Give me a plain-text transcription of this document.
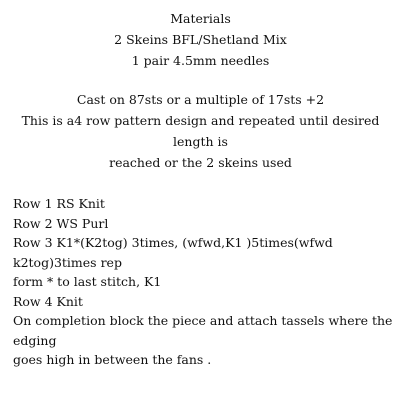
Materials
2 Skeins BFL/Shetland Mix
1 pair 4.5mm needles
Cast on 87sts or a multiple of 17sts +2
This is a4 row pattern design and repeated until desired length is
reached or the 2 skeins used
Row 1 RS Knit
Row 2 WS Purl
Row 3 K1*(K2tog) 3times, (wfwd,K1 )5times(wfwd k2tog)3times rep
form * to last stitch, K1
Row 4 Knit
On completion block the piece and attach tassels where the edging
goes high in between the fans .
